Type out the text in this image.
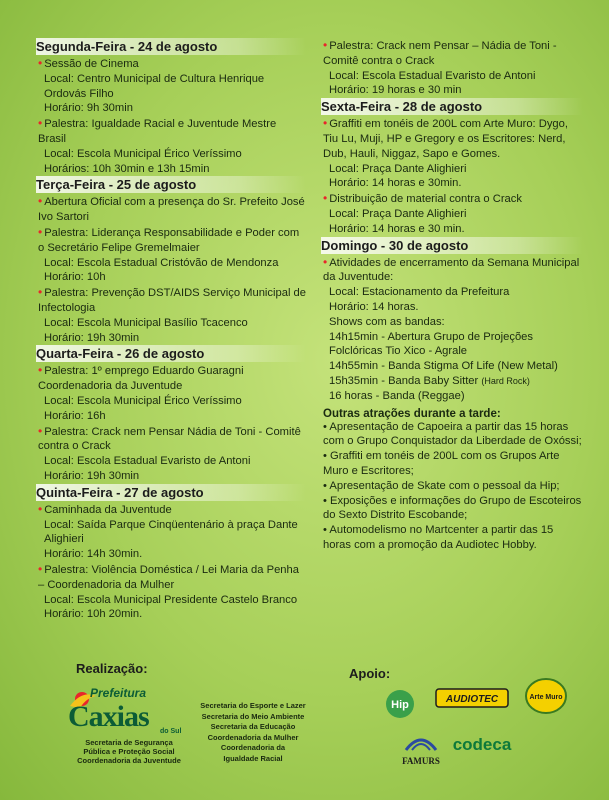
Segunda-Feira - 24 de agosto
• Sessão de Cinema
Local: Centro Municipal de Cultura Henrique Ordovás Filho
Horário: 9h 30min
• Palestra: Igualdade Racial e Juventude Mestre Brasil
Local: Escola Municipal Érico Veríssimo
Horários: 10h 30min e 13h 15min
Terça-Feira - 25 de agosto
• Abertura Oficial com a presença do Sr. Prefeito José Ivo Sartori
• Palestra: Liderança Responsabilidade e Poder com o Secretário Felipe Gremelmaier
Local: Escola Estadual Cristóvão de Mendonza
Horário: 10h
• Palestra: Prevenção DST/AIDS Serviço Municipal de Infectologia
Local: Escola Municipal Basílio Tcacenco
Horário: 19h 30min
Quarta-Feira - 26 de agosto
• Palestra: 1º emprego Eduardo Guaragni Coordenadoria da Juventude
Local: Escola Municipal Érico Veríssimo
Horário: 16h
• Palestra: Crack nem Pensar Nádia de Toni - Comitê contra o Crack
Local: Escola Estadual Evaristo de Antoni
Horário: 19h 30min
Quinta-Feira - 27 de agosto
• Caminhada da Juventude
Local: Saída Parque Cinqüentenário à praça Dante Alighieri
Horário: 14h 30min.
• Palestra: Violência Doméstica / Lei Maria da Penha – Coordenadoria da Mulher
Local: Escola Municipal Presidente Castelo Branco
Horário: 10h 20min.
• Palestra: Crack nem Pensar – Nádia de Toni - Comitê contra o Crack
Local: Escola Estadual Evaristo de Antoni
Horário: 19 horas e 30 min
Sexta-Feira - 28 de agosto
• Graffiti em tonéis de 200L com Arte Muro: Dygo, Tiu Lu, Muji, HP e Gregory e os Escritores: Nerd, Dub, Hauli, Niggaz, Sapo e Gomes.
Local: Praça Dante Alighieri
Horário: 14 horas e 30min.
• Distribuição de material contra o Crack
Local: Praça Dante Alighieri
Horário: 14 horas e 30 min.
Domingo - 30 de agosto
• Atividades de encerramento da Semana Municipal da Juventude:
Local: Estacionamento da Prefeitura
Horário: 14 horas.
Shows com as bandas:
14h15min - Abertura Grupo de Projeções Folclóricas Tio Xico - Agrale
14h55min - Banda Stigma Of Life (New Metal)
15h35min - Banda Baby Sitter (Hard Rock)
16 horas - Banda (Reggae)
Outras atrações durante a tarde:
• Apresentação de Capoeira a partir das 15 horas com o Grupo Conquistador da Liberdade de Oxóssi;
• Graffiti em tonéis de 200L com os Grupos Arte Muro e Escritores;
• Apresentação de Skate com o pessoal da Hip;
• Exposições e informações do Grupo de Escoteiros do Sexto Distrito Escobande;
• Automodelismo no Martcenter a partir das 15 horas com a promoção da Audiotec Hobby.
Realização:	Apoio:
Prefeitura
Caxias do Sul
Secretaria de Segurança
Pública e Proteção Social
Coordenadoria da Juventude
Secretaria do Esporte e Lazer
Secretaria do Meio Ambiente
Secretaria da Educação
Coordenadoria da Mulher
Coordenadoria da
Igualdade Racial
Hip	AUDIOTEC	Arte Muro
FAMURS
codeca
